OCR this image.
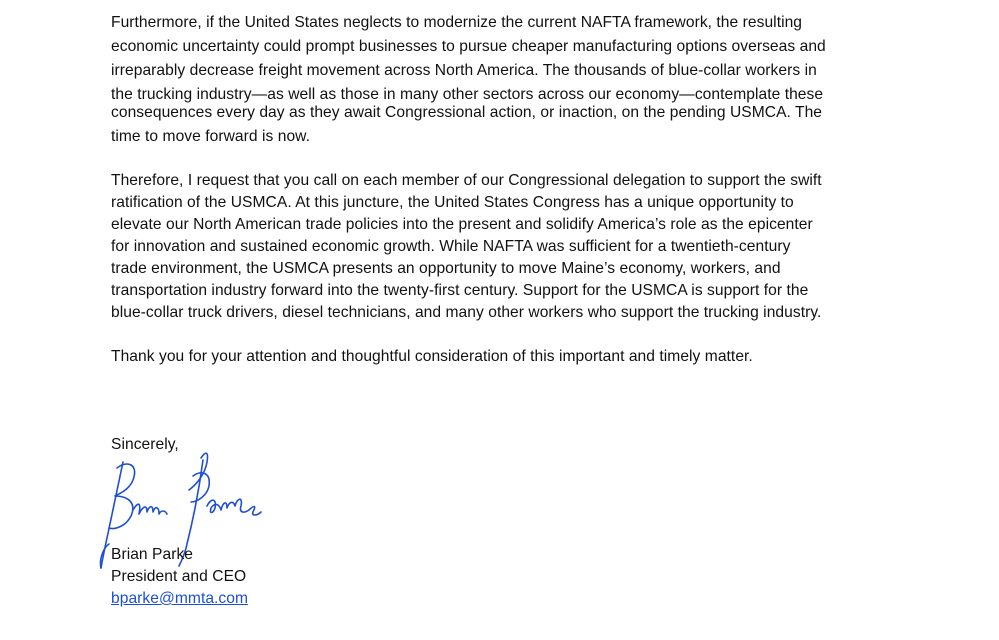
Furthermore, if the United States neglects to modernize the current NAFTA framework, the resulting
economic uncertainty could prompt businesses to pursue cheaper manufacturing options overseas and
irreparably decrease freight movement across North America. The thousands of blue-collar workers in
the trucking industry—as well as those in many other sectors across our economy—contemplate these
consequences every day as they await Congressional action, or inaction, on the pending USMCA. The
time to move forward is now.
Therefore, I request that you call on each member of our Congressional delegation to support the swift
ratification of the USMCA. At this juncture, the United States Congress has a unique opportunity to
elevate our North American trade policies into the present and solidify America’s role as the epicenter
for innovation and sustained economic growth. While NAFTA was sufficient for a twentieth-century
trade environment, the USMCA presents an opportunity to move Maine’s economy, workers, and
transportation industry forward into the twenty-first century. Support for the USMCA is support for the
blue-collar truck drivers, diesel technicians, and many other workers who support the trucking industry.
Thank you for your attention and thoughtful consideration of this important and timely matter.
Sincerely,
Brian Parke
President and CEO
bparke@mmta.com
